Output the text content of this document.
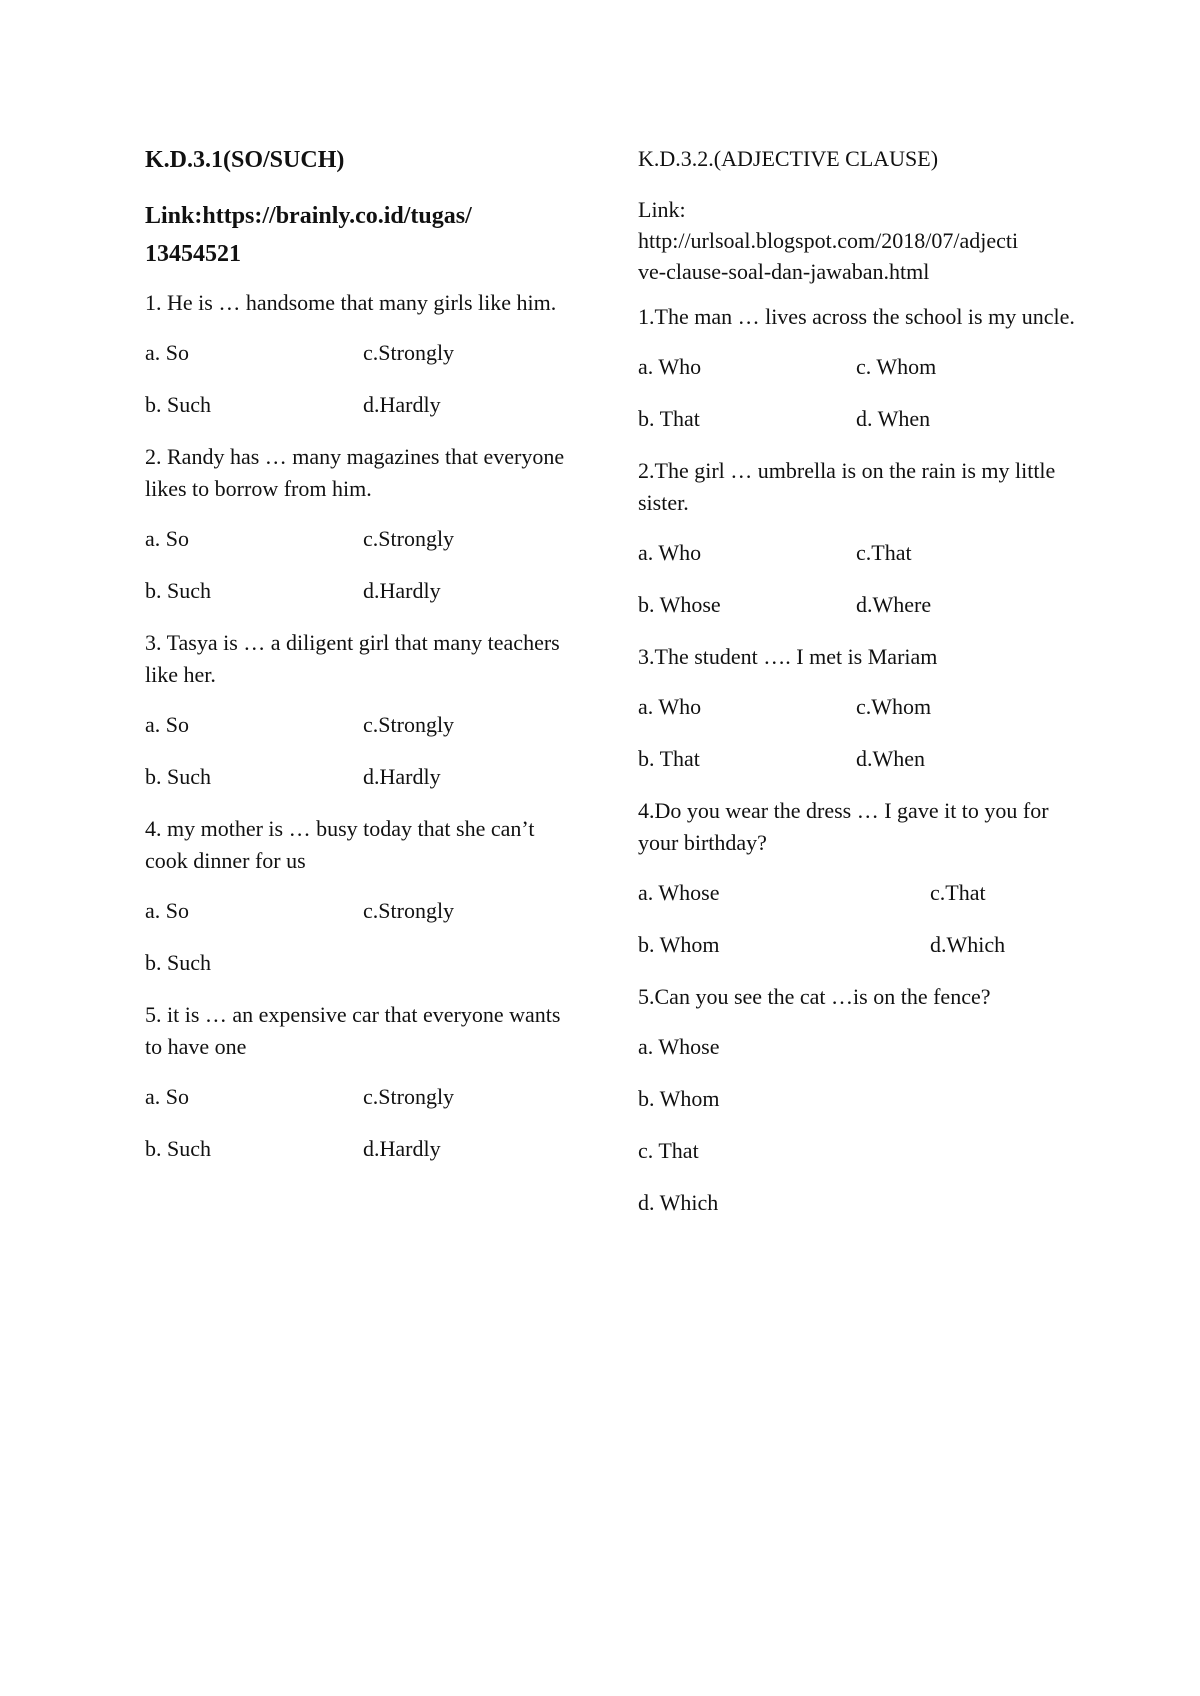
K.D.3.1(SO/SUCH)
Link:https://brainly.co.id/tugas/
13454521
1. He is … handsome that many girls like him.
a. So	c.Strongly
b. Such	d.Hardly
2. Randy has … many magazines that everyone likes to borrow from him.
a. So	c.Strongly
b. Such	d.Hardly
3. Tasya is … a diligent girl that many teachers like her.
a. So	c.Strongly
b. Such	d.Hardly
4. my mother is … busy today that she can’t cook dinner for us
a. So	c.Strongly
b. Such
5. it is … an expensive car that everyone wants to have one
a. So	c.Strongly
b. Such	d.Hardly
K.D.3.2.(ADJECTIVE CLAUSE)
Link:
http://urlsoal.blogspot.com/2018/07/adjecti
ve-clause-soal-dan-jawaban.html
1.The man … lives across the school is my uncle.
a. Who	c. Whom
b. That	d. When
2.The girl … umbrella is on the rain is my little sister.
a. Who	c.That
b. Whose	d.Where
3.The student …. I met is Mariam
a. Who	c.Whom
b. That	d.When
4.Do you wear the dress … I gave it to you for your birthday?
a. Whose	c.That
b. Whom	d.Which
5.Can you see the cat …is on the fence?
a. Whose
b. Whom
c. That
d. Which
